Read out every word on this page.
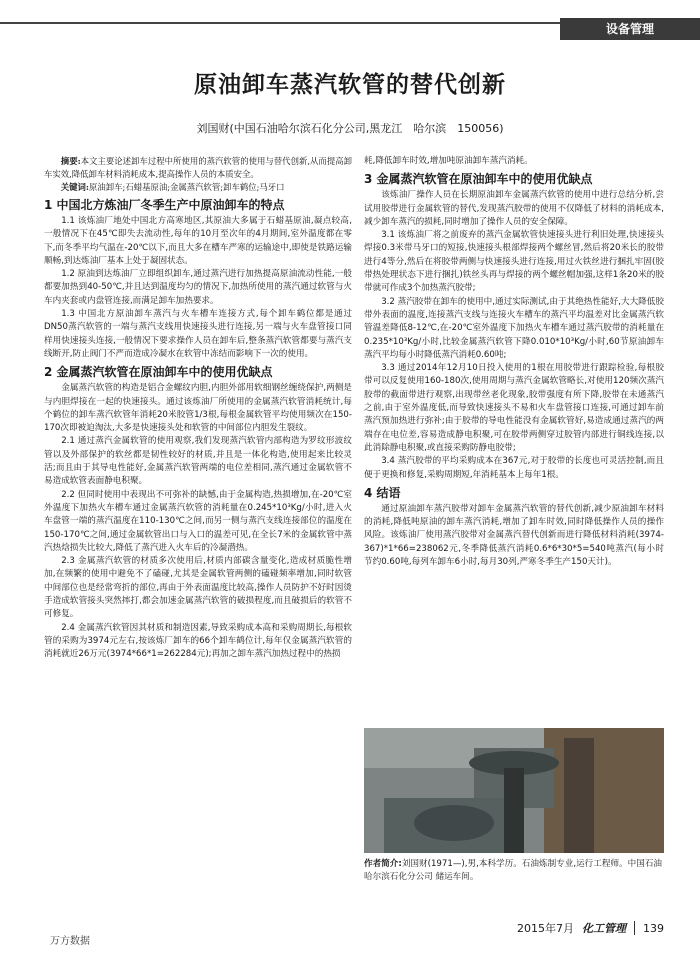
设备管理
原油卸车蒸汽软管的替代创新
刘国财(中国石油哈尔滨石化分公司,黑龙江　哈尔滨　150056)

摘要:本文主要论述卸车过程中所使用的蒸汽软管的使用与替代创新,从而提高卸车实效,降低卸车材料消耗成本,提高操作人员的本质安全。

关键词:原油卸车;石蜡基原油;金属蒸汽软管;卸车鹤位;马牙口

1 中国北方炼油厂冬季生产中原油卸车的特点

1.1 该炼油厂地处中国北方高寒地区,其原油大多属于石蜡基原油,凝点较高,一般情况下在45℃即失去流动性,每年的10月至次年的4月期间,室外温度都在零下,而冬季平均气温在-20℃以下,而且大多在槽车严寒的运输途中,即使是铁路运输顺畅,到达炼油厂基本上处于凝固状态。

1.2 原油到达炼油厂立即组织卸车,通过蒸汽进行加热提高原油流动性能,一般都要加热到40-50℃,并且达到温度均匀的情况下,加热所使用的蒸汽通过软管与火车内夹套或内盘管连接,而满足卸车加热要求。

1.3 中国北方原油卸车蒸汽与火车槽车连接方式,每个卸车鹤位都是通过DN50蒸汽软管的一端与蒸汽支线用快速接头进行连接,另一端与火车盘管接口同样用快速接头连接,一般情况下要求操作人员在卸车后,整条蒸汽软管都要与蒸汽支线断开,防止阀门不严而造成冷凝水在软管中冻结而影响下一次的使用。

2 金属蒸汽软管在原油卸车中的使用优缺点

金属蒸汽软管的构造是铝合金螺纹内胆,内胆外部用软细钢丝缠绕保护,两侧是与内胆焊接在一起的快速接头。通过该炼油厂所使用的金属蒸汽软管消耗统计,每个鹤位的卸车蒸汽软管年消耗20米胶管1/3根,每根金属软管平均使用频次在150-170次即被迫淘汰,大多是快速接头处和软管的中间部位内胆发生裂纹。

2.1 通过蒸汽金属软管的使用观察,我们发现蒸汽软管内部构造为罗纹形波纹管以及外部保护的软丝都是韧性较好的材质,并且是一体化构造,使用起来比较灵活;而且由于其导电性能好,金属蒸汽软管两端的电位差相同,蒸汽通过金属软管不易造成软管表面静电积聚。

2.2 但同时使用中表现出不可弥补的缺憾,由于金属构造,热损增加,在-20℃室外温度下加热火车槽车通过金属蒸汽软管的消耗量在0.245*10³Kg/小时,进入火车盘管一端的蒸汽温度在110-130℃之间,而另一侧与蒸汽支线连接部位的温度在150-170℃之间,通过金属软管出口与入口的温差可见,在全长7米的金属软管中蒸汽热焓损失比较大,降低了蒸汽进入火车后的冷凝潜热。

2.3 金属蒸汽软管的材质多次使用后,材质内部碳含量变化,造成材质脆性增加,在频繁的使用中避免不了磕碰,尤其是金属软管两侧的磕碰频率增加,同时软管中间部位也是经常弯折的部位,再由于外表面温度比较高,操作人员防护不好时因烫手造成软管接头突然摔打,都会加速金属蒸汽软管的破损程度,而且破损后的软管不可修复。

2.4 金属蒸汽软管因其材质和制造因素,导致采购成本高和采购周期长,每根软管的采购为3974元左右,按该炼厂卸车的66个卸车鹤位计,每年仅金属蒸汽软管的消耗就近26万元(3974*66*1=262284元);再加之卸车蒸汽加热过程中的热损

耗,降低卸车时效,增加吨原油卸车蒸汽消耗。

3 金属蒸汽软管在原油卸车中的使用优缺点

该炼油厂操作人员在长期原油卸车金属蒸汽软管的使用中进行总结分析,尝试用胶带进行金属软管的替代,发现蒸汽胶带的使用不仅降低了材料的消耗成本,减少卸车蒸汽的损耗,同时增加了操作人员的安全保障。

3.1 该炼油厂将之前废弃的蒸汽金属软管快速接头进行利旧处理,快速接头焊接0.3米带马牙口的短接,快速接头根部焊接两个螺丝冒,然后将20米长的胶带进行4等分,然后在将胶带两侧与快速接头进行连接,用过火铁丝进行捆扎牢固(胶带热处理状态下进行捆扎)铁丝头再与焊接的两个螺丝帽加强,这样1条20米的胶带就可作成3个加热蒸汽胶带;

3.2 蒸汽胶带在卸车的使用中,通过实际测试,由于其绝热性能好,大大降低胶带外表面的温度,连接蒸汽支线与连接火车槽车的蒸汽平均温差对比金属蒸汽软管温差降低8-12℃,在-20℃室外温度下加热火车槽车通过蒸汽胶带的消耗量在0.235*10³Kg/小时,比较金属蒸汽软管下降0.010*10³Kg/小时,60节原油卸车蒸汽平均每小时降低蒸汽消耗0.60吨;

3.3 通过2014年12月10日投入使用的1根在用胶带进行跟踪检验,每根胶带可以反复使用160-180次,使用周期与蒸汽金属软管略长,对使用120频次蒸汽胶带的截面带进行观察,出现带丝老化现象,胶带强度有所下降,胶带在未通蒸汽之前,由于室外温度低,而导致快速接头不易和火车盘管接口连接,可通过卸车前蒸汽预加热进行弥补;由于胶带的导电性能没有金属软管好,易造成通过蒸汽的两端存在电位差,容易造成静电积聚,可在胶带两侧穿过胶管内部进行铜线连接,以此消除静电积聚,或直接采购防静电胶带;

3.4 蒸汽胶带的平均采购成本在367元,对于胶带的长度也可灵活控制,而且便于更换和修复,采购周期短,年消耗基本上每年1根。

4 结语

通过原油卸车蒸汽胶带对卸车金属蒸汽软管的替代创新,减少原油卸车材料的消耗,降低吨原油的卸车蒸汽消耗,增加了卸车时效,同时降低操作人员的操作风险。该炼油厂使用蒸汽胶带对金属蒸汽替代创新而进行降低材料消耗(3974-367)*1*66=238062元,冬季降低蒸汽消耗0.6*6*30*5=540吨蒸汽(每小时节约0.60吨,每列车卸车6小时,每月30列,严寒冬季生产150天计)。

作者简介:刘国财(1971—),男,本科学历。石油炼制专业,运行工程师。中国石油哈尔滨石化分公司 储运车间。
2015年7月 化工管理 139
万方数据
